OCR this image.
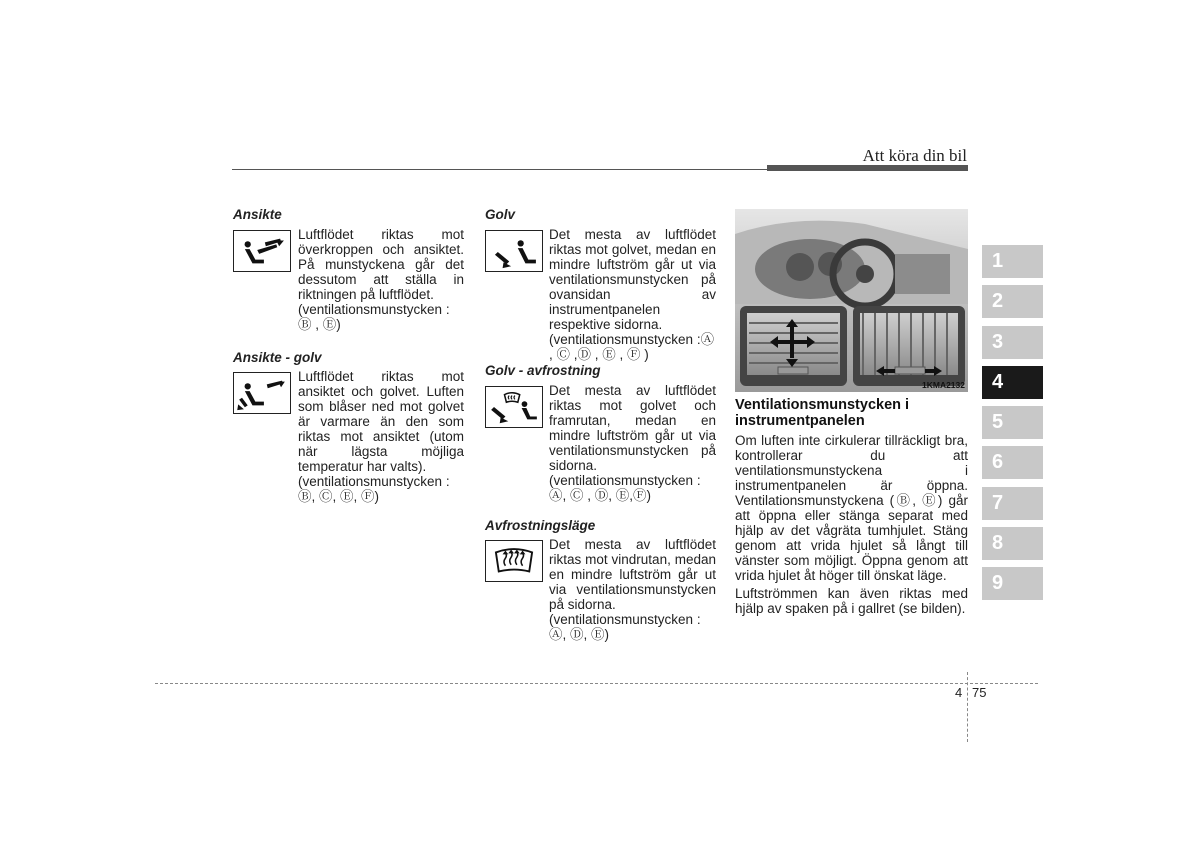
Att köra din bil
Ansikte

Luftflödet riktas mot överkroppen och ansiktet. På munstyckena går det dessutom att ställa in riktningen på luftflödet.

(ventilationsmunstycken : Ⓑ , Ⓔ)

Ansikte - golv

Luftflödet riktas mot ansiktet och golvet. Luften som blåser ned mot golvet är varmare än den som riktas mot ansiktet (utom när lägsta möjliga temperatur har valts).

(ventilationsmunstycken : Ⓑ, Ⓒ, Ⓔ, Ⓕ)

Golv

Det mesta av luftflödet riktas mot golvet, medan en mindre luftström går ut via ventilationsmunstycken på ovansidan av instrumentpanelen respektive sidorna.

(ventilationsmunstycken :Ⓐ , Ⓒ ,Ⓓ , Ⓔ , Ⓕ )

Golv - avfrostning

Det mesta av luftflödet riktas mot golvet och framrutan, medan en mindre luftström går ut via ventilationsmunstycken på sidorna.

(ventilationsmunstycken : Ⓐ, Ⓒ , Ⓓ, Ⓔ,Ⓕ)

Avfrostningsläge

Det mesta av luftflödet riktas mot vindrutan, medan en mindre luftström går ut via ventilationsmunstycken på sidorna.

(ventilationsmunstycken : Ⓐ, Ⓓ, Ⓔ)

1KMA2132
Ventilationsmunstycken i instrumentpanelen

Om luften inte cirkulerar tillräckligt bra, kontrollerar du att ventilationsmunstyckena i instrumentpanelen är öppna. Ventilationsmunstyckena (Ⓑ, Ⓔ) går att öppna eller stänga separat med hjälp av det vågräta tumhjulet. Stäng genom att vrida hjulet så långt till vänster som möjligt. Öppna genom att vrida hjulet åt höger till önskat läge.

Luftströmmen kan även riktas med hjälp av spaken på i gallret (se bilden).

1
2
3
4
5
6
7
8
9
4 75
